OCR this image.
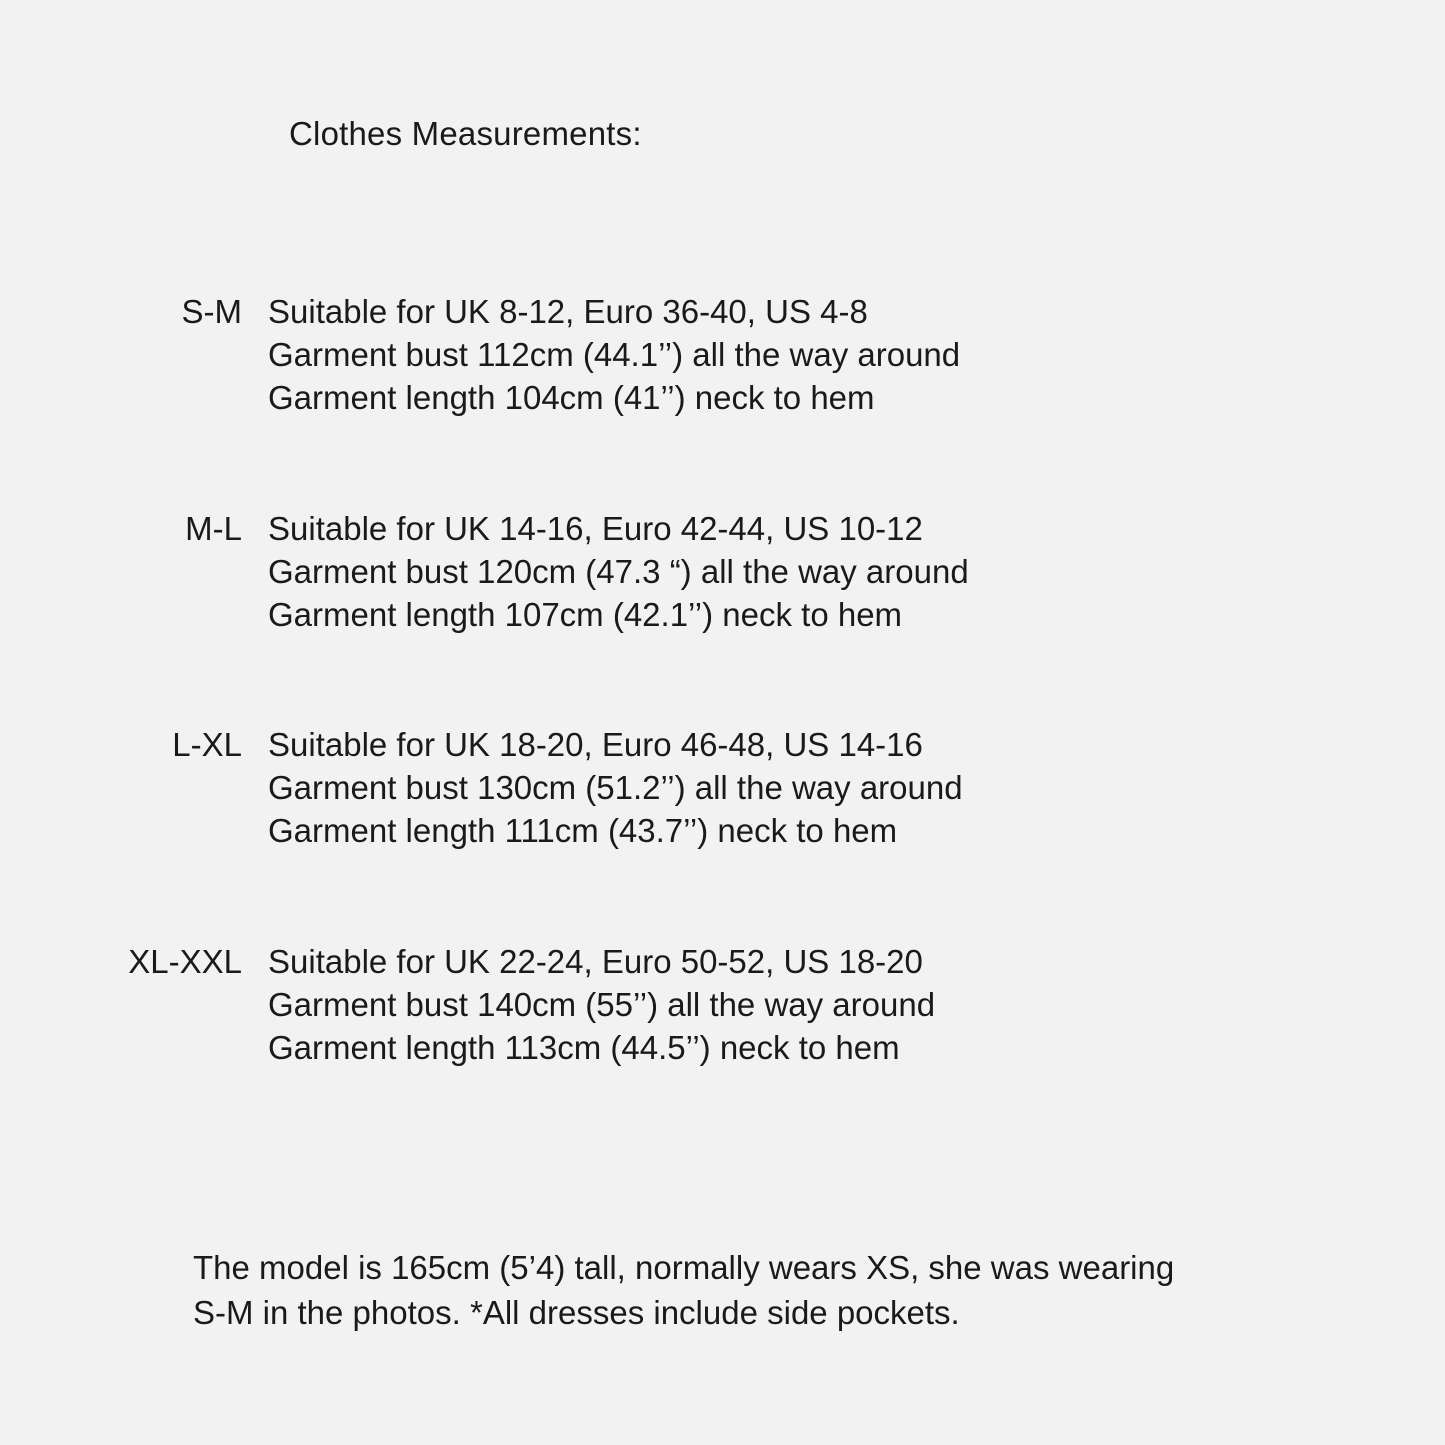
Clothes Measurements:
S-M Suitable for UK 8-12, Euro 36-40, US 4-8
Garment bust 112cm (44.1’’) all the way around
Garment length 104cm (41’’) neck to hem
M-L Suitable for UK 14-16, Euro 42-44, US 10-12
Garment bust 120cm (47.3 “) all the way around
Garment length 107cm (42.1’’) neck to hem
L-XL Suitable for UK 18-20, Euro 46-48, US 14-16
Garment bust 130cm (51.2’’) all the way around
Garment length 111cm (43.7’’) neck to hem
XL-XXL Suitable for UK 22-24, Euro 50-52, US 18-20
Garment bust 140cm (55’’) all the way around
Garment length 113cm (44.5’’) neck to hem
The model is 165cm (5’4) tall, normally wears XS, she was wearing
S-M in the photos. *All dresses include side pockets.
